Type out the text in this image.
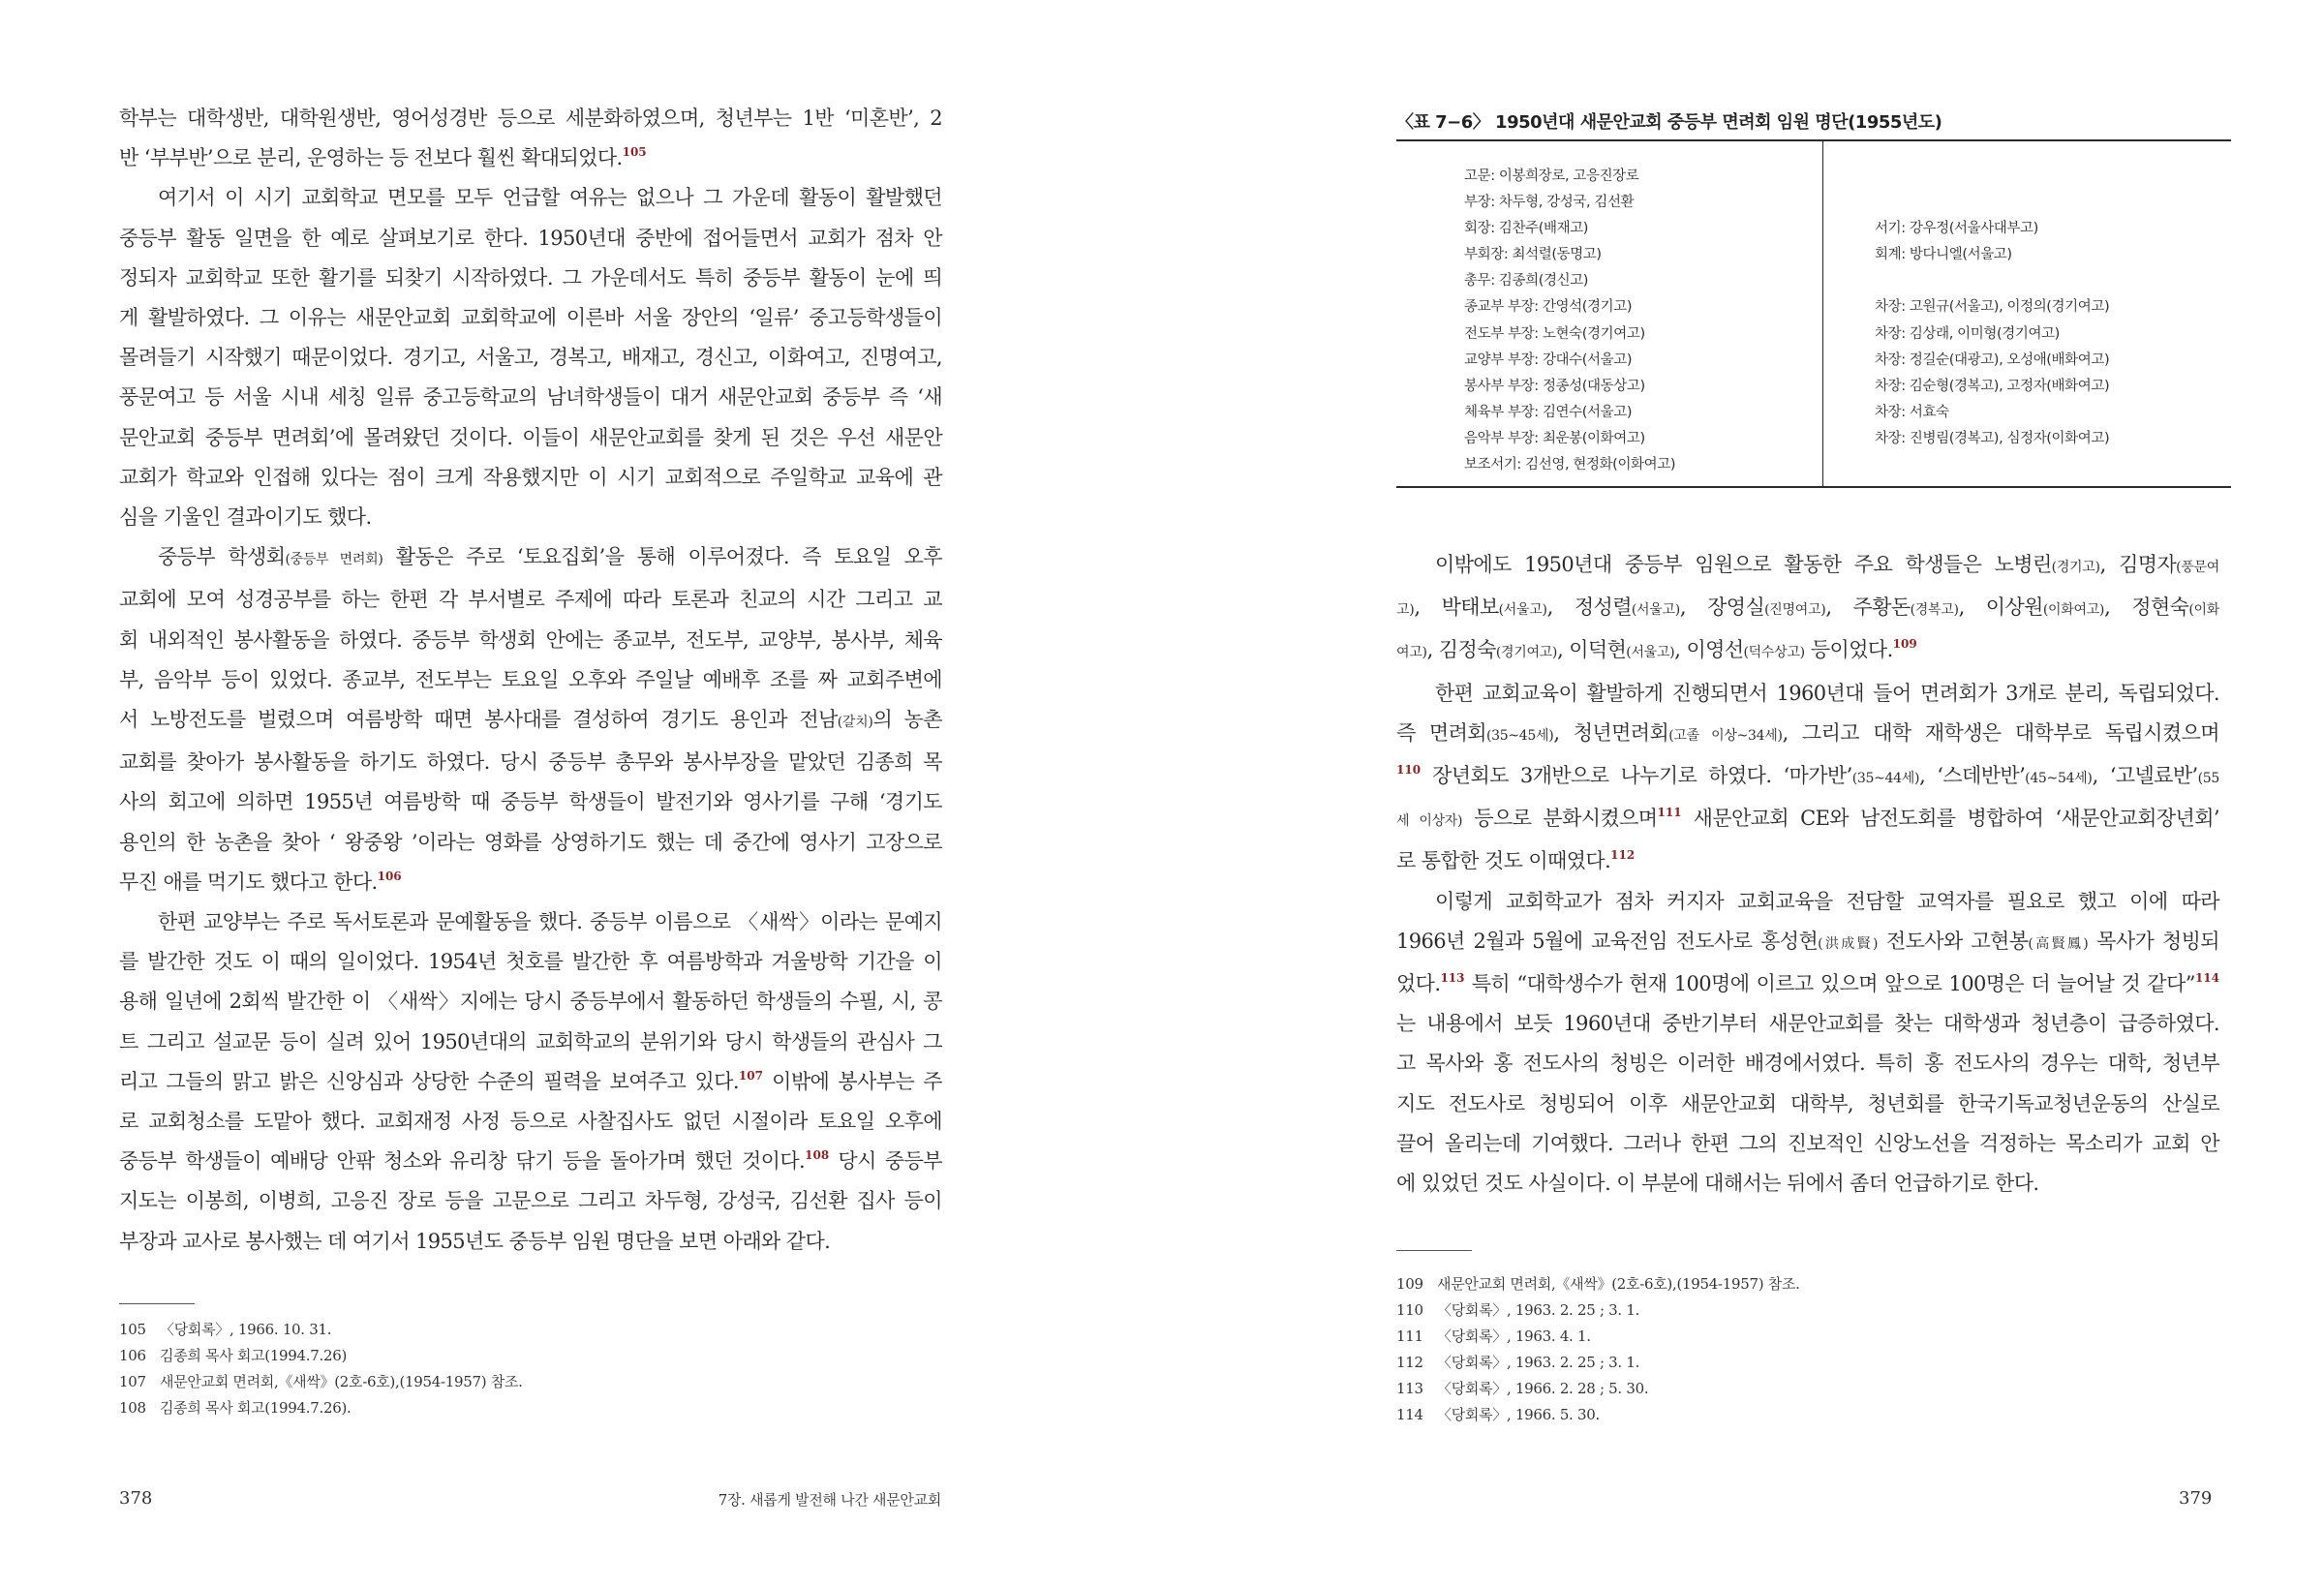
학부는 대학생반, 대학원생반, 영어성경반 등으로 세분화하였으며, 청년부는 1반 ‘미혼반’, 2
반 ‘부부반’으로 분리, 운영하는 등 전보다 훨씬 확대되었다.$^{105}$
여기서 이 시기 교회학교 면모를 모두 언급할 여유는 없으나 그 가운데 활동이 활발했던
중등부 활동 일면을 한 예로 살펴보기로 한다. 1950년대 중반에 접어들면서 교회가 점차 안
정되자 교회학교 또한 활기를 되찾기 시작하였다. 그 가운데서도 특히 중등부 활동이 눈에 띄
게 활발하였다. 그 이유는 새문안교회 교회학교에 이른바 서울 장안의 ‘일류’ 중고등학생들이
몰려들기 시작했기 때문이었다. 경기고, 서울고, 경복고, 배재고, 경신고, 이화여고, 진명여고,
풍문여고 등 서울 시내 세칭 일류 중고등학교의 남녀학생들이 대거 새문안교회 중등부 즉 ‘새
문안교회 중등부 면려회’에 몰려왔던 것이다. 이들이 새문안교회를 찾게 된 것은 우선 새문안
교회가 학교와 인접해 있다는 점이 크게 작용했지만 이 시기 교회적으로 주일학교 교육에 관
심을 기울인 결과이기도 했다.
중등부 학생회(중등부 면려회) 활동은 주로 ‘토요집회’을 통해 이루어졌다. 즉 토요일 오후
교회에 모여 성경공부를 하는 한편 각 부서별로 주제에 따라 토론과 친교의 시간 그리고 교
회 내외적인 봉사활동을 하였다. 중등부 학생회 안에는 종교부, 전도부, 교양부, 봉사부, 체육
부, 음악부 등이 있었다. 종교부, 전도부는 토요일 오후와 주일날 예배후 조를 짜 교회주변에
서 노방전도를 벌렸으며 여름방학 때면 봉사대를 결성하여 경기도 용인과 전남(갈치)의 농촌
교회를 찾아가 봉사활동을 하기도 하였다. 당시 중등부 총무와 봉사부장을 맡았던 김종희 목
사의 회고에 의하면 1955년 여름방학 때 중등부 학생들이 발전기와 영사기를 구해 ‘경기도
용인의 한 농촌을 찾아 ‘ 왕중왕 ’이라는 영화를 상영하기도 했는 데 중간에 영사기 고장으로
무진 애를 먹기도 했다고 한다.$^{106}$
한편 교양부는 주로 독서토론과 문예활동을 했다. 중등부 이름으로 〈새싹〉이라는 문예지
를 발간한 것도 이 때의 일이었다. 1954년 첫호를 발간한 후 여름방학과 겨울방학 기간을 이
용해 일년에 2회씩 발간한 이 〈새싹〉지에는 당시 중등부에서 활동하던 학생들의 수필, 시, 콩
트 그리고 설교문 등이 실려 있어 1950년대의 교회학교의 분위기와 당시 학생들의 관심사 그
리고 그들의 맑고 밝은 신앙심과 상당한 수준의 필력을 보여주고 있다.$^{107}$ 이밖에 봉사부는 주
로 교회청소를 도맡아 했다. 교회재정 사정 등으로 사찰집사도 없던 시절이라 토요일 오후에
중등부 학생들이 예배당 안팎 청소와 유리창 닦기 등을 돌아가며 했던 것이다.$^{108}$ 당시 중등부
지도는 이봉희, 이병희, 고응진 장로 등을 고문으로 그리고 차두형, 강성국, 김선환 집사 등이
부장과 교사로 봉사했는 데 여기서 1955년도 중등부 임원 명단을 보면 아래와 같다.
105 〈당회록〉, 1966. 10. 31.
106 김종희 목사 회고(1994.7.26)
107 새문안교회 면려회,《새싹》(2호-6호),(1954-1957) 참조.
108 김종희 목사 회고(1994.7.26).
378	7장. 새롭게 발전해 나간 새문안교회
〈표 7−6〉 1950년대 새문안교회 중등부 면려회 임원 명단(1955년도)
고문: 이봉희장로, 고응진장로
부장: 차두형, 강성국, 김선환
회장: 김찬주(배재고)
부회장: 최석렬(동명고)
총무: 김종희(경신고)
종교부 부장: 간영석(경기고)
전도부 부장: 노현숙(경기여고)
교양부 부장: 강대수(서울고)
봉사부 부장: 정종성(대동상고)
체육부 부장: 김연수(서울고)
음악부 부장: 최운봉(이화여고)
보조서기: 김선영, 현정화(이화여고)

서기: 강우정(서울사대부고)
회계: 방다니엘(서울고)

차장: 고원규(서울고), 이정의(경기여고)
차장: 김상래, 이미형(경기여고)
차장: 정길순(대광고), 오성애(배화여고)
차장: 김순형(경복고), 고정자(배화여고)
차장: 서효숙
차장: 진병림(경복고), 심정자(이화여고)

이밖에도 1950년대 중등부 임원으로 활동한 주요 학생들은 노병린(경기고), 김명자(풍문여
고), 박태보(서울고), 정성렬(서울고), 장영실(진명여고), 주황돈(경복고), 이상원(이화여고), 정현숙(이화
여고), 김정숙(경기여고), 이덕현(서울고), 이영선(덕수상고) 등이었다.$^{109}$
한편 교회교육이 활발하게 진행되면서 1960년대 들어 면려회가 3개로 분리, 독립되었다.
즉 면려회(35~45세), 청년면려회(고졸 이상~34세), 그리고 대학 재학생은 대학부로 독립시켰으며
$^{110}$ 장년회도 3개반으로 나누기로 하였다. ‘마가반’(35~44세), ‘스데반반’(45~54세), ‘고넬료반’(55
세 이상자) 등으로 분화시켰으며$^{111}$ 새문안교회 CE와 남전도회를 병합하여 ‘새문안교회장년회’
로 통합한 것도 이때였다.$^{112}$
이렇게 교회학교가 점차 커지자 교회교육을 전담할 교역자를 필요로 했고 이에 따라
1966년 2월과 5월에 교육전임 전도사로 홍성현(洪成賢) 전도사와 고현봉(高賢鳳) 목사가 청빙되
었다.$^{113}$ 특히 “대학생수가 현재 100명에 이르고 있으며 앞으로 100명은 더 늘어날 것 같다”$^{114}$
는 내용에서 보듯 1960년대 중반기부터 새문안교회를 찾는 대학생과 청년층이 급증하였다.
고 목사와 홍 전도사의 청빙은 이러한 배경에서였다. 특히 홍 전도사의 경우는 대학, 청년부
지도 전도사로 청빙되어 이후 새문안교회 대학부, 청년회를 한국기독교청년운동의 산실로
끌어 올리는데 기여했다. 그러나 한편 그의 진보적인 신앙노선을 걱정하는 목소리가 교회 안
에 있었던 것도 사실이다. 이 부분에 대해서는 뒤에서 좀더 언급하기로 한다.
109 새문안교회 면려회,《새싹》(2호-6호),(1954-1957) 참조.
110 〈당회록〉, 1963. 2. 25 ; 3. 1.
111 〈당회록〉, 1963. 4. 1.
112 〈당회록〉, 1963. 2. 25 ; 3. 1.
113 〈당회록〉, 1966. 2. 28 ; 5. 30.
114 〈당회록〉, 1966. 5. 30.
379
